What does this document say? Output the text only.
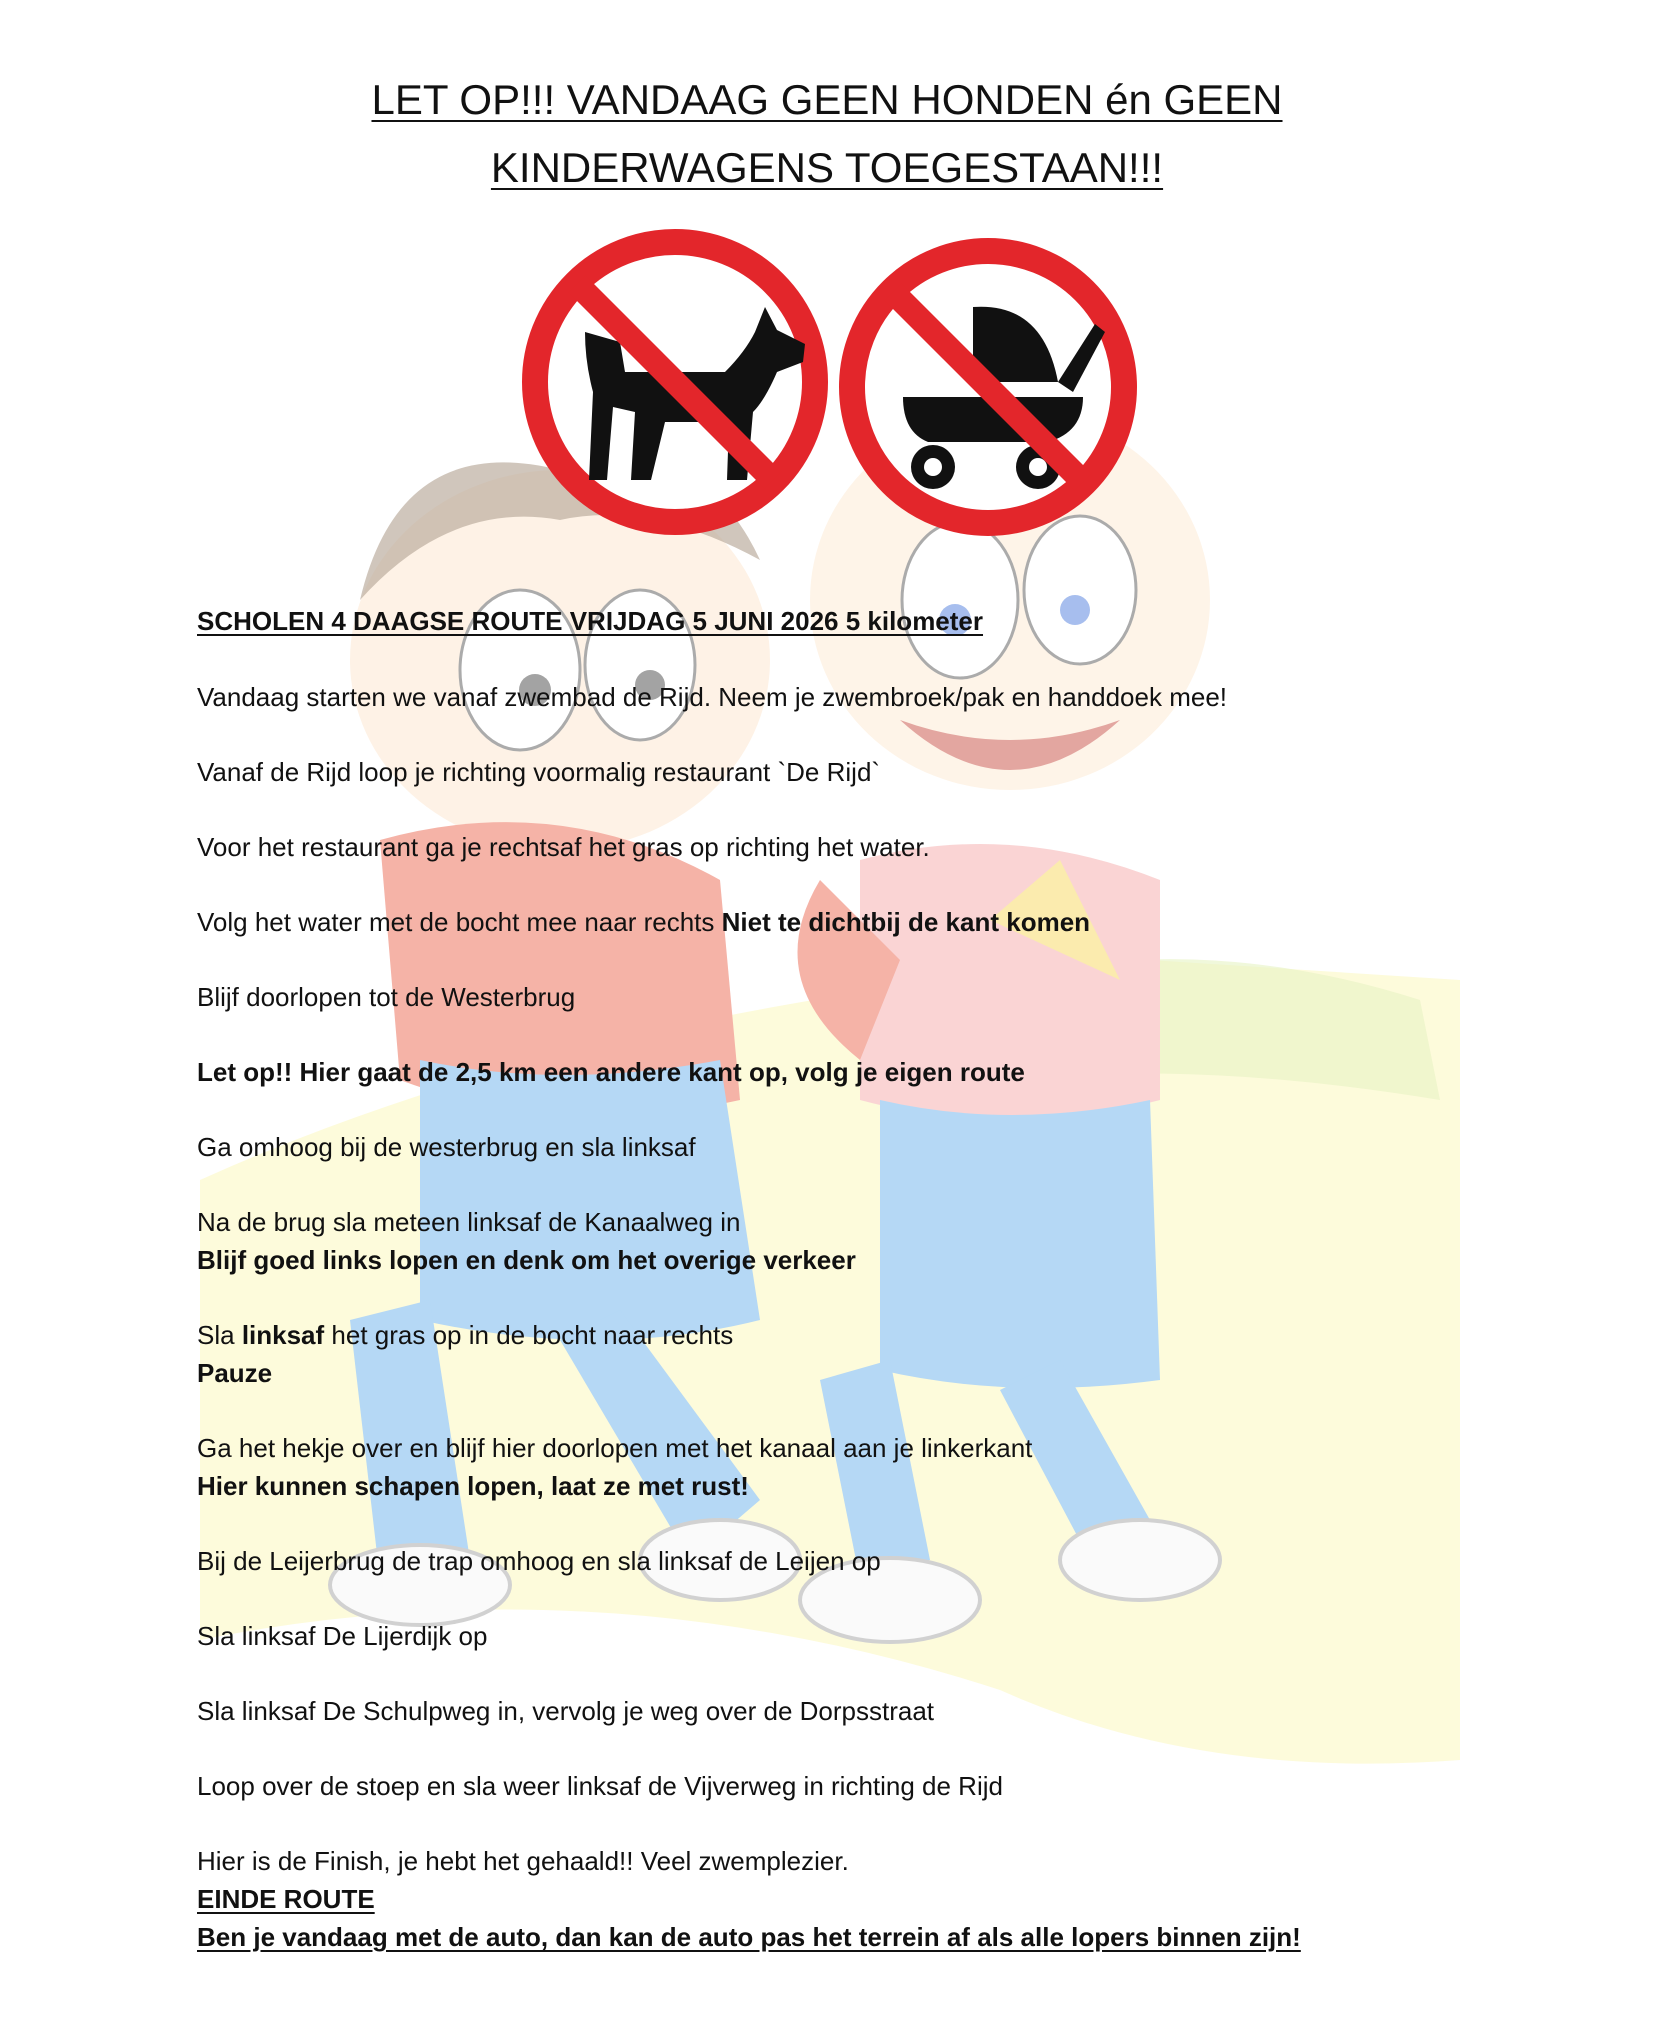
LET OP!!! VANDAAG GEEN HONDEN én GEEN
KINDERWAGENS TOEGESTAAN!!!
SCHOLEN 4 DAAGSE ROUTE VRIJDAG 5 JUNI 2026 5 kilometer
Vandaag starten we vanaf zwembad de Rijd. Neem je zwembroek/pak en handdoek mee!
Vanaf de Rijd loop je richting voormalig restaurant `De Rijd`
Voor het restaurant ga je rechtsaf het gras op richting het water.
Volg het water met de bocht mee naar rechts Niet te dichtbij de kant komen
Blijf doorlopen tot de Westerbrug
Let op!! Hier gaat de 2,5 km een andere kant op, volg je eigen route
Ga omhoog bij de westerbrug en sla linksaf
Na de brug sla meteen linksaf de Kanaalweg in
Blijf goed links lopen en denk om het overige verkeer
Sla linksaf het gras op in de bocht naar rechts
Pauze
Ga het hekje over en blijf hier doorlopen met het kanaal aan je linkerkant
Hier kunnen schapen lopen, laat ze met rust!
Bij de Leijerbrug de trap omhoog en sla linksaf de Leijen op
Sla linksaf De Lijerdijk op
Sla linksaf De Schulpweg in, vervolg je weg over de Dorpsstraat
Loop over de stoep en sla weer linksaf de Vijverweg in richting de Rijd
Hier is de Finish, je hebt het gehaald!! Veel zwemplezier.
EINDE ROUTE
Ben je vandaag met de auto, dan kan de auto pas het terrein af als alle lopers binnen zijn!
